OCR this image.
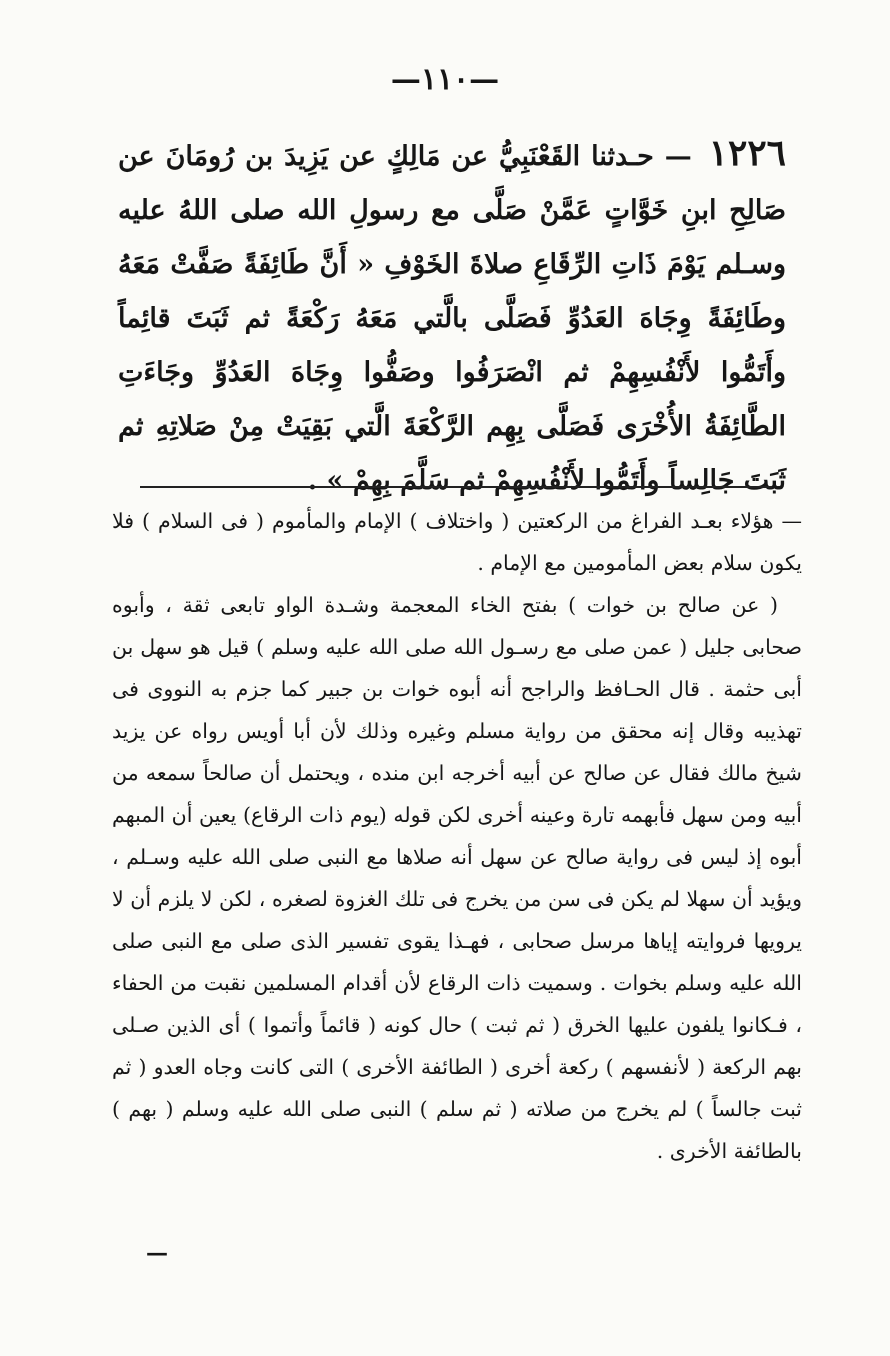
—١١٠—
١٢٢٦ — حـدثنا القَعْنَبِيُّ عن مَالِكٍ عن يَزِيدَ بن رُومَانَ عن صَالِحِ ابنِ خَوَّاتٍ عَمَّنْ صَلَّى مع رسولِ الله صلى اللهُ عليه وسـلم يَوْمَ ذَاتِ الرِّقَاعِ صلاةَ الخَوْفِ « أَنَّ طَائِفَةً صَفَّتْ مَعَهُ وطَائِفَةً وِجَاهَ العَدُوِّ فَصَلَّى بالَّتي مَعَهُ رَكْعَةً ثم ثَبَتَ قائِماً وأَتَمُّوا لأَنْفُسِهِمْ ثم انْصَرَفُوا وصَفُّوا وِجَاهَ العَدُوِّ وجَاءَتِ الطَّائِفَةُ الأُخْرَى فَصَلَّى بِهِم الرَّكْعَةَ الَّتي بَقِيَتْ مِنْ صَلاتِهِ ثم ثَبَتَ جَالِساً وأَتَمُّوا لأَنْفُسِهِمْ ثم سَلَّمَ بِهِمْ » .

— هؤلاء بعـد الفراغ من الركعتين ( واختلاف ) الإمام والمأموم ( فى السلام ) فلا يكون سلام بعض المأمومين مع الإمام .

( عن صالح بن خوات ) بفتح الخاء المعجمة وشـدة الواو تابعى ثقة ، وأبوه صحابى جليل ( عمن صلى مع رسـول الله صلى الله عليه وسلم ) قيل هو سهل بن أبى حثمة . قال الحـافظ والراجح أنه أبوه خوات بن جبير كما جزم به النووى فى تهذيبه وقال إنه محقق من رواية مسلم وغيره وذلك لأن أبا أويس رواه عن يزيد شيخ مالك فقال عن صالح عن أبيه أخرجه ابن منده ، ويحتمل أن صالحاً سمعه من أبيه ومن سهل فأبهمه تارة وعينه أخرى لكن قوله (يوم ذات الرقاع) يعين أن المبهم أبوه إذ ليس فى رواية صالح عن سهل أنه صلاها مع النبى صلى الله عليه وسـلم ، ويؤيد أن سهلا لم يكن فى سن من يخرج فى تلك الغزوة لصغره ، لكن لا يلزم أن لا يرويها فروايته إياها مرسل صحابى ، فهـذا يقوى تفسير الذى صلى مع النبى صلى الله عليه وسلم بخوات . وسميت ذات الرقاع لأن أقدام المسلمين نقبت من الحفاء ، فـكانوا يلفون عليها الخرق ( ثم ثبت ) حال كونه ( قائماً وأتموا ) أى الذين صـلى بهم الركعة ( لأنفسهم ) ركعة أخرى ( الطائفة الأخرى ) التى كانت وجاه العدو ( ثم ثبت جالساً ) لم يخرج من صلاته ( ثم سلم ) النبى صلى الله عليه وسلم ( بهم ) بالطائفة الأخرى .

—
